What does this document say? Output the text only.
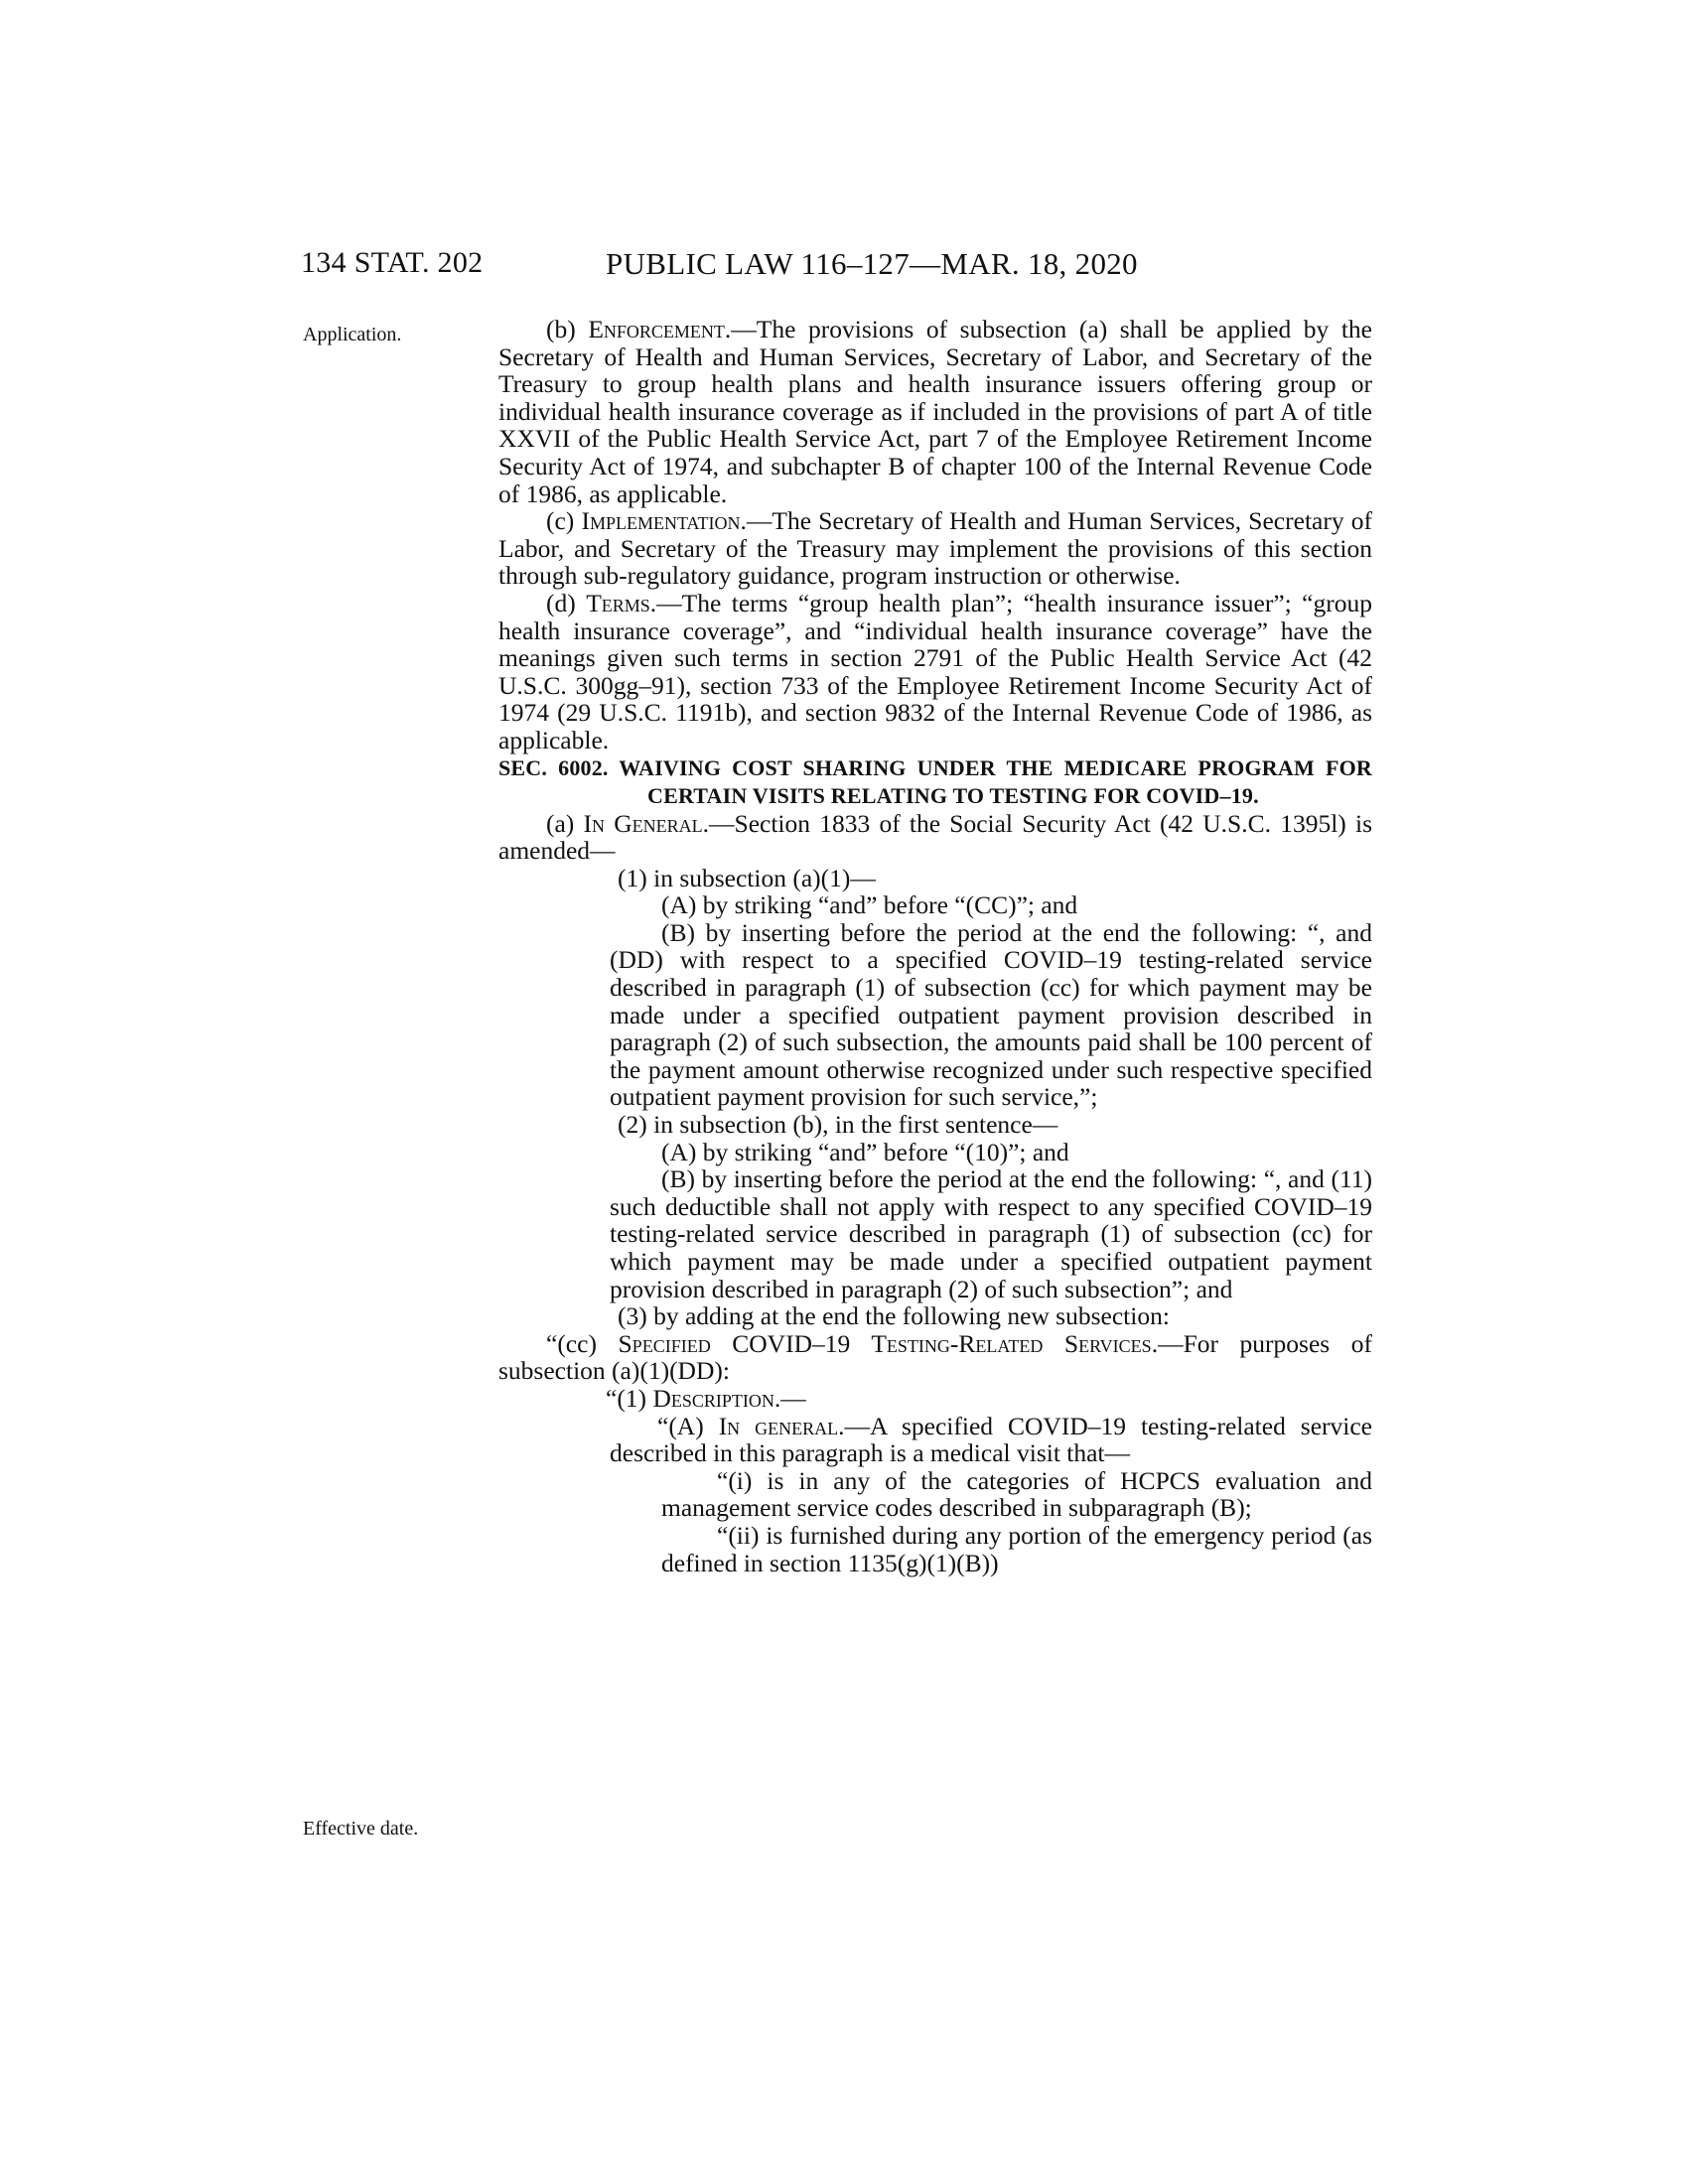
134 STAT. 202	PUBLIC LAW 116–127—MAR. 18, 2020
Application.
Effective date.

(b) Enforcement.—The provisions of subsection (a) shall be applied by the Secretary of Health and Human Services, Secretary of Labor, and Secretary of the Treasury to group health plans and health insurance issuers offering group or individual health insurance coverage as if included in the provisions of part A of title XXVII of the Public Health Service Act, part 7 of the Employee Retirement Income Security Act of 1974, and subchapter B of chapter 100 of the Internal Revenue Code of 1986, as applicable.

(c) Implementation.—The Secretary of Health and Human Services, Secretary of Labor, and Secretary of the Treasury may implement the provisions of this section through sub-regulatory guidance, program instruction or otherwise.

(d) Terms.—The terms “group health plan”; “health insurance issuer”; “group health insurance coverage”, and “individual health insurance coverage” have the meanings given such terms in section 2791 of the Public Health Service Act (42 U.S.C. 300gg–91), section 733 of the Employee Retirement Income Security Act of 1974 (29 U.S.C. 1191b), and section 9832 of the Internal Revenue Code of 1986, as applicable.

SEC. 6002. WAIVING COST SHARING UNDER THE MEDICARE PROGRAM FOR CERTAIN VISITS RELATING TO TESTING FOR COVID–19.

(a) In General.—Section 1833 of the Social Security Act (42 U.S.C. 1395l) is amended—

(1) in subsection (a)(1)—

(A) by striking “and” before “(CC)”; and

(B) by inserting before the period at the end the following: “, and (DD) with respect to a specified COVID–19 testing-related service described in paragraph (1) of subsection (cc) for which payment may be made under a specified outpatient payment provision described in paragraph (2) of such subsection, the amounts paid shall be 100 percent of the payment amount otherwise recognized under such respective specified outpatient payment provision for such service,”;

(2) in subsection (b), in the first sentence—

(A) by striking “and” before “(10)”; and

(B) by inserting before the period at the end the following: “, and (11) such deductible shall not apply with respect to any specified COVID–19 testing-related service described in paragraph (1) of subsection (cc) for which payment may be made under a specified outpatient payment provision described in paragraph (2) of such subsection”; and

(3) by adding at the end the following new subsection:

“(cc) Specified COVID–19 Testing-Related Services.—For purposes of subsection (a)(1)(DD):

“(1) Description.—

“(A) In general.—A specified COVID–19 testing-related service described in this paragraph is a medical visit that—

“(i) is in any of the categories of HCPCS evaluation and management service codes described in subparagraph (B);

“(ii) is furnished during any portion of the emergency period (as defined in section 1135(g)(1)(B))
